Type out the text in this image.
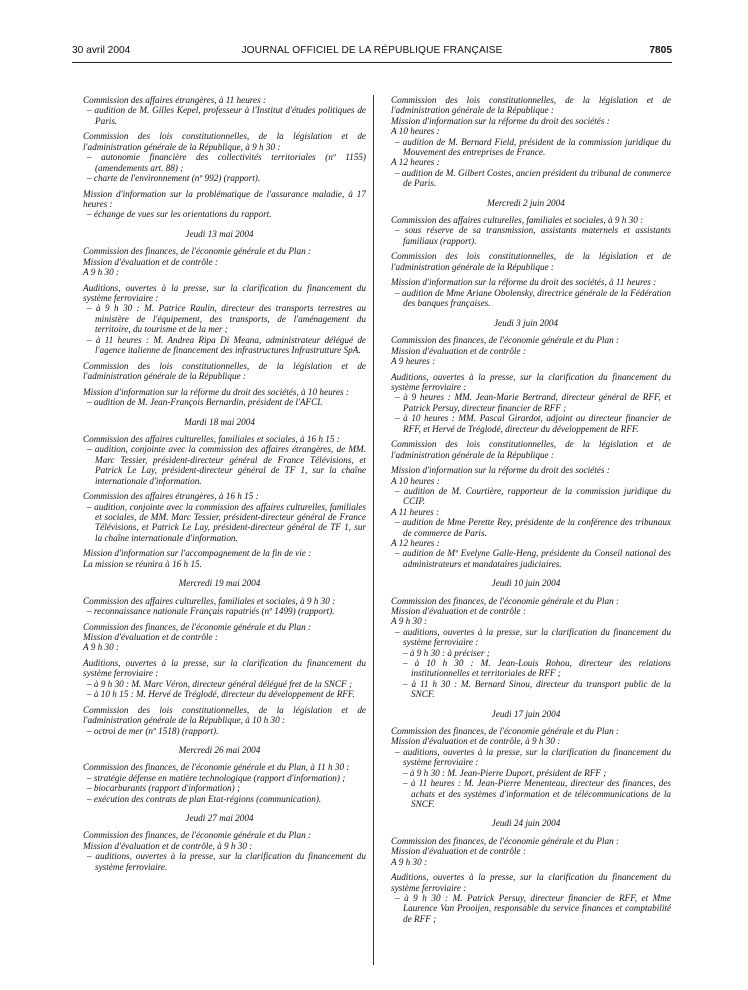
30 avril 2004	JOURNAL OFFICIEL DE LA RÉPUBLIQUE FRANÇAISE	7805

Commission des affaires étrangères, à 11 heures :

– audition de M. Gilles Kepel, professeur à l'Institut d'études politiques de Paris.

Commission des lois constitutionnelles, de la législation et de l'administration générale de la République, à 9 h 30 :

– autonomie financière des collectivités territoriales (nº 1155) (amendements art. 88) ;

– charte de l'environnement (nº 992) (rapport).

Mission d'information sur la problématique de l'assurance maladie, à 17 heures :

– échange de vues sur les orientations du rapport.

Jeudi 13 mai 2004

Commission des finances, de l'économie générale et du Plan :

Mission d'évaluation et de contrôle :

A 9 h 30 :

Auditions, ouvertes à la presse, sur la clarification du financement du système ferroviaire :

– à 9 h 30 : M. Patrice Raulin, directeur des transports terrestres au ministère de l'équipement, des transports, de l'aménagement du territoire, du tourisme et de la mer ;

– à 11 heures : M. Andrea Ripa Di Meana, administrateur délégué de l'agence italienne de financement des infrastructures Infrastrutture SpA.

Commission des lois constitutionnelles, de la législation et de l'administration générale de la République :

Mission d'information sur la réforme du droit des sociétés, à 10 heures :

– audition de M. Jean-François Bernardin, président de l'AFCI.

Mardi 18 mai 2004

Commission des affaires culturelles, familiales et sociales, à 16 h 15 :

– audition, conjointe avec la commission des affaires étrangères, de MM. Marc Tessier, président-directeur général de France Télévisions, et Patrick Le Lay, président-directeur général de TF 1, sur la chaîne internationale d'information.

Commission des affaires étrangères, à 16 h 15 :

– audition, conjointe avec la commission des affaires culturelles, familiales et sociales, de MM. Marc Tessier, président-directeur général de France Télévisions, et Patrick Le Lay, président-directeur général de TF 1, sur la chaîne internationale d'information.

Mission d'information sur l'accompagnement de la fin de vie :

La mission se réunira à 16 h 15.

Mercredi 19 mai 2004

Commission des affaires culturelles, familiales et sociales, à 9 h 30 :

– reconnaissance nationale Français rapatriés (nº 1499) (rapport).

Commission des finances, de l'économie générale et du Plan :

Mission d'évaluation et de contrôle :

A 9 h 30 :

Auditions, ouvertes à la presse, sur la clarification du financement du système ferroviaire :

– à 9 h 30 : M. Marc Véron, directeur général délégué fret de la SNCF ;

– à 10 h 15 : M. Hervé de Tréglodé, directeur du développement de RFF.

Commission des lois constitutionnelles, de la législation et de l'administration générale de la République, à 10 h 30 :

– octroi de mer (nº 1518) (rapport).

Mercredi 26 mai 2004

Commission des finances, de l'économie générale et du Plan, à 11 h 30 :

– stratégie défense en matière technologique (rapport d'information) ;

– biocarburants (rapport d'information) ;

– exécution des contrats de plan Etat-régions (communication).

Jeudi 27 mai 2004

Commission des finances, de l'économie générale et du Plan :

Mission d'évaluation et de contrôle, à 9 h 30 :

– auditions, ouvertes à la presse, sur la clarification du financement du système ferroviaire.

Commission des lois constitutionnelles, de la législation et de l'administration générale de la République :

Mission d'information sur la réforme du droit des sociétés :

A 10 heures :

– audition de M. Bernard Field, président de la commission juridique du Mouvement des entreprises de France.

A 12 heures :

– audition de M. Gilbert Costes, ancien président du tribunal de commerce de Paris.

Mercredi 2 juin 2004

Commission des affaires culturelles, familiales et sociales, à 9 h 30 :

– sous réserve de sa transmission, assistants maternels et assistants familiaux (rapport).

Commission des lois constitutionnelles, de la législation et de l'administration générale de la République :

Mission d'information sur la réforme du droit des sociétés, à 11 heures :

– audition de Mme Ariane Obolensky, directrice générale de la Fédération des banques françaises.

Jeudi 3 juin 2004

Commission des finances, de l'économie générale et du Plan :

Mission d'évaluation et de contrôle :

A 9 heures :

Auditions, ouvertes à la presse, sur la clarification du financement du système ferroviaire :

– à 9 heures : MM. Jean-Marie Bertrand, directeur général de RFF, et Patrick Persuy, directeur financier de RFF ;

– à 10 heures : MM. Pascal Girardot, adjoint au directeur financier de RFF, et Hervé de Tréglodé, directeur du développement de RFF.

Commission des lois constitutionnelles, de la législation et de l'administration générale de la République :

Mission d'information sur la réforme du droit des sociétés :

A 10 heures :

– audition de M. Courtière, rapporteur de la commission juridique du CCIP.

A 11 heures :

– audition de Mme Perette Rey, présidente de la conférence des tribunaux de commerce de Paris.

A 12 heures :

– audition de Mº Evelyne Galle-Heng, présidente du Conseil national des administrateurs et mandataires judiciaires.

Jeudi 10 juin 2004

Commission des finances, de l'économie générale et du Plan :

Mission d'évaluation et de contrôle :

A 9 h 30 :

– auditions, ouvertes à la presse, sur la clarification du financement du système ferroviaire :

– à 9 h 30 : à préciser ;

– à 10 h 30 : M. Jean-Louis Rohou, directeur des relations institutionnelles et territoriales de RFF ;

– à 11 h 30 : M. Bernard Sinou, directeur du transport public de la SNCF.

Jeudi 17 juin 2004

Commission des finances, de l'économie générale et du Plan :

Mission d'évaluation et de contrôle, à 9 h 30 :

– auditions, ouvertes à la presse, sur la clarification du financement du système ferroviaire :

– à 9 h 30 : M. Jean-Pierre Duport, président de RFF ;

– à 11 heures : M. Jean-Pierre Menenteau, directeur des finances, des achats et des systèmes d'information et de télécommunications de la SNCF.

Jeudi 24 juin 2004

Commission des finances, de l'économie générale et du Plan :

Mission d'évaluation et de contrôle :

A 9 h 30 :

Auditions, ouvertes à la presse, sur la clarification du financement du système ferroviaire :

– à 9 h 30 : M. Patrick Persuy, directeur financier de RFF, et Mme Laurence Van Prooijen, responsable du service finances et comptabilité de RFF ;
